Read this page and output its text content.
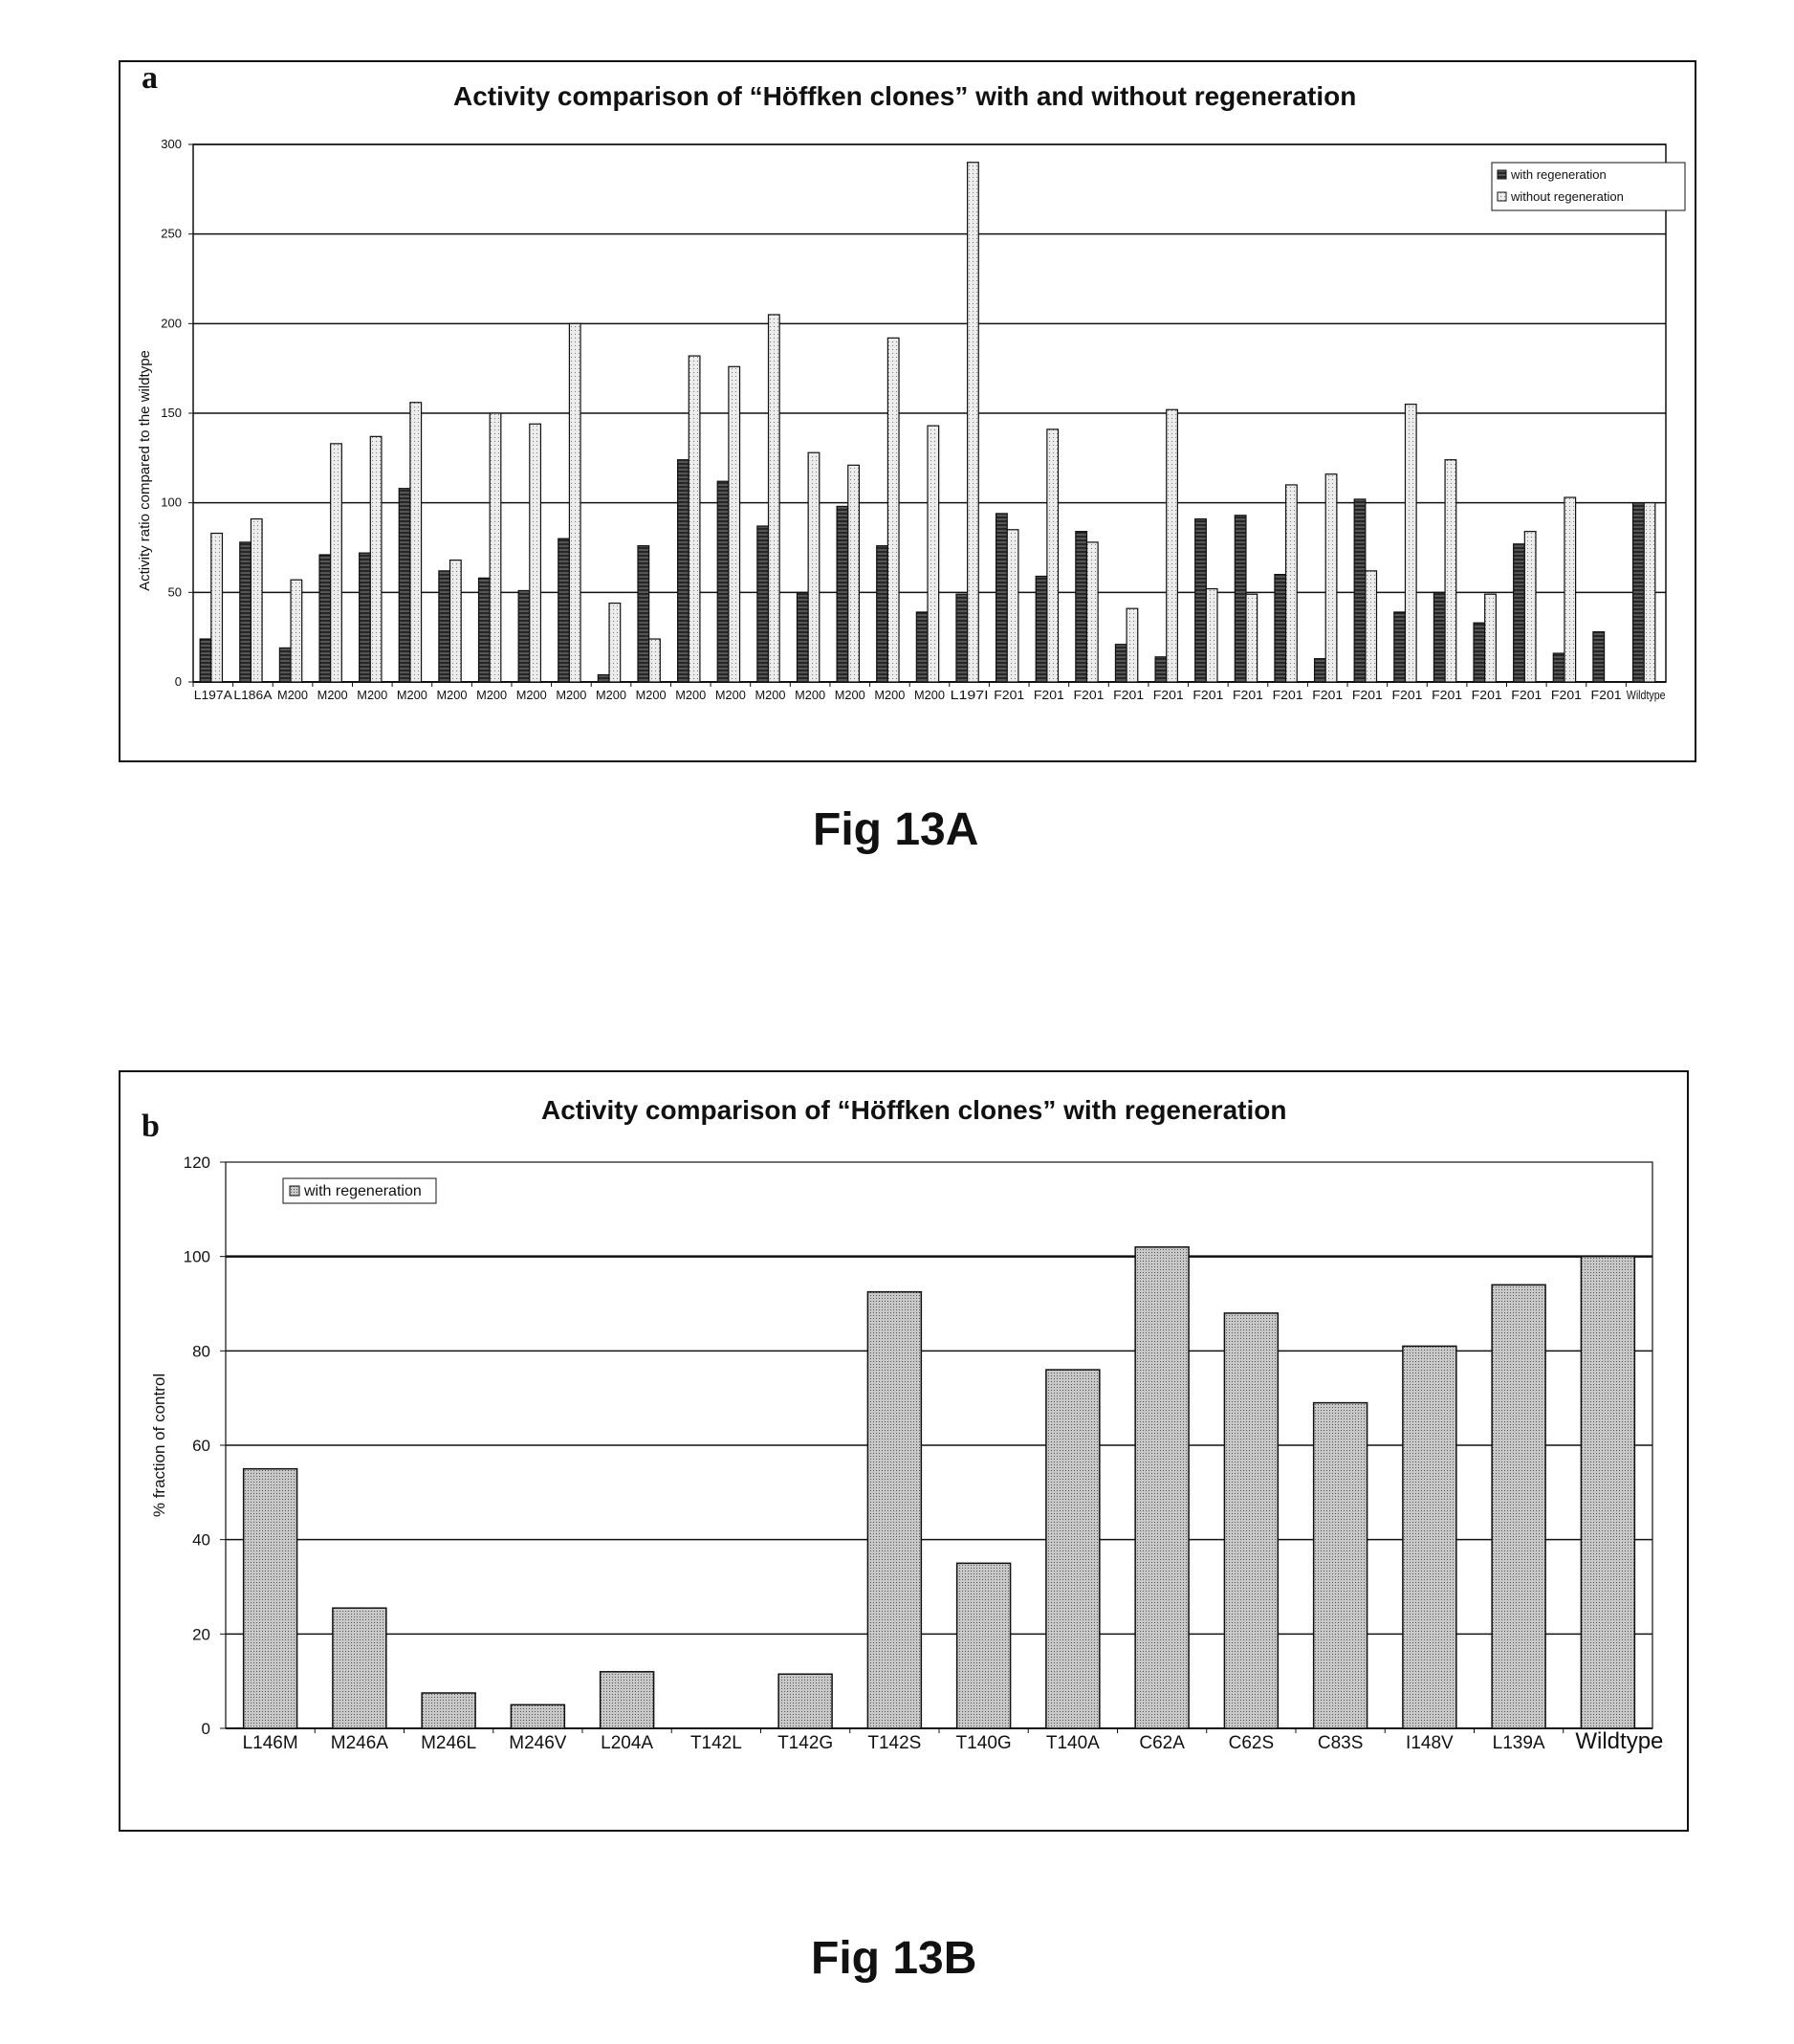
a
Activity comparison of “Höffken clones” with and without regeneration
b	Activity comparison of “Höffken clones” with regeneration
Fig 13A
Fig 13B
0
50
100
150
200
250
300
Activity ratio compared to the wildtype
L197A L186A M200 M200 M200 M200 M200 M200 M200 M200 M200 M200 M200 M200 M200 M200 M200 M200 M200 L197I F201 F201 F201 F201 F201 F201 F201 F201 F201 F201 F201 F201 F201 F201 F201 F201 Wildtype
with regeneration
without regeneration
0
20
40
60
80
100
120
% fraction of control
L146M M246A M246L M246V L204A T142L T142G T142S T140G T140A C62A C62S C83S I148V L139A Wildtype
with regeneration
